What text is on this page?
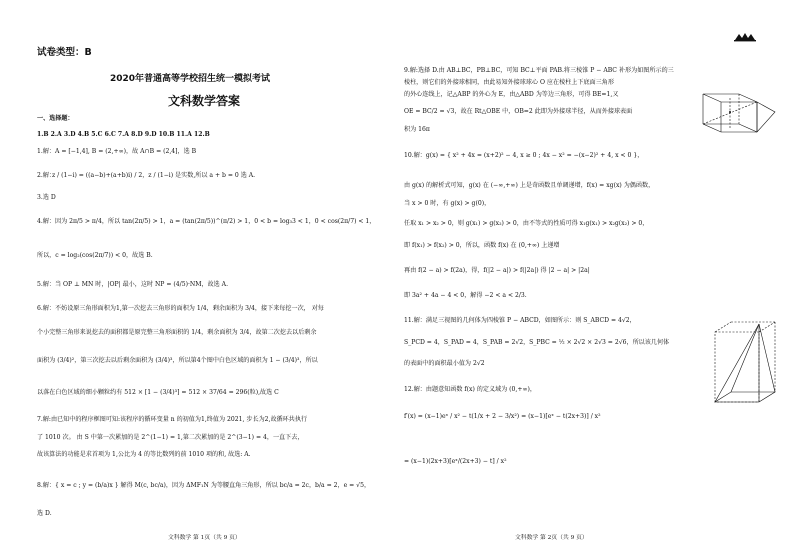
试卷类型：B
2020年普通高等学校招生统一模拟考试
文科数学答案
一、选择题：
1.B 2.A 3.D 4.B 5.C 6.C 7.A 8.D 9.D 10.B 11.A 12.B
1.解：A = [−1,4], B = (2,+∞)，故 A∩B = (2,4]，选 B
2.解：
z / (1−i) = ((a−b)+(a+b)i) / 2，z / (1−i) 是实数,所以 a + b = 0 选 A.
3.选 D
4.解：因为 2π/5 > π/4，所以 tan(2π/5) > 1，a = (tan(2π/5))^(π/2) > 1，0 < b = log₃3 < 1，0 < cos(2π/7) < 1，
所以，c = log₂(cos(2π/7)) < 0，故选 B.
5.解：当 OP ⊥ MN 时，|OP| 最小，这时 NP = (4/5)·NM，故选 A.
6.解：不妨设原三角形面积为1,第一次挖去三角形的面积为 1/4，剩余面积为 3/4，接下来每挖一次， 对每
个小完整三角形来说挖去的面积都是原完整三角形面积的 1/4，剩余面积为 3/4，故第二次挖去以后剩余
面积为 (3/4)²，第三次挖去以后剩余面积为 (3/4)³，所以第4个图中白色区域的面积为 1 − (3/4)³，所以
以落在白色区域的细小颗粒约有 512 × [1 − (3/4)³] = 512 × 37/64 = 296(粒),故选 C
7.解:由已知中的程序框图可知:该程序的循环变量 n 的初值为1,终值为 2021, 步长为2,故循环共执行
了 1010 次。 由 S 中第一次累加的是 2^(1−1) = 1,第二次累加的是 2^(3−1) = 4，一直下去，
故该算法的功能是求首项为 1,公比为 4 的等比数列的前 1010 项的和, 故选: A.
8.解：{ x = c ; y = (b/a)x } 解得 M(c, bc/a)，因为 ΔMF₁N 为等腰直角三角形，所以 bc/a = 2c，b/a = 2，e = √5，
选 D.
文科数学 第 1页（共 9 页）
9.解:选择 D.由 AB⊥BC，PB⊥BC，可知 BC⊥平面 PAB.将三棱锥 P − ABC 补形为如图所示的三
棱柱，则它们的外接球相同，由此易知外接球球心 O 应在棱柱上下底面三角形
的外心连线上，记△ABP 的外心为 E，由△ABD 为等边三角形，可得 BE=1,又
OE = BC/2 = √3，故在 Rt△OBE 中，OB=2 此即为外接球半径，从而外接球表面
积为 16π
10.解：g(x) = { x² + 4x = (x+2)² − 4, x ≥ 0 ; 4x − x² = −(x−2)² + 4, x < 0 }，
由 g(x) 的解析式可知，g(x) 在 (−∞,+∞) 上是奇函数且单调递增，f(x) = xg(x) 为偶函数，
当 x > 0 时，有 g(x) > g(0)，
任取 x₁ > x₂ > 0，则 g(x₁) > g(x₂) > 0，由不等式的性质可得 x₁g(x₁) > x₂g(x₂) > 0，
即 f(x₁) > f(x₂) > 0，所以，函数 f(x) 在 (0,+∞) 上递增
再由 f(2 − a) > f(2a)，得，f(|2 − a|) > f(|2a|) 得 |2 − a| > |2a|
即 3a² + 4a − 4 < 0，解得 −2 < a < 2/3.
11.解：满足三视图的几何体为四棱锥 P − ABCD，如图所示：则 S_ABCD = 4√2，
S_PCD = 4，S_PAD = 4，S_PAB = 2√2，S_PBC = ½ × 2√2 × 2√3 = 2√6，所以该几何体
的表面中的面积最小值为 2√2
12.解：由题意知函数 f(x) 的定义域为 (0,+∞)，
f′(x) = (x−1)eˣ / x² − t(1/x + 2 − 3/x²) = (x−1)[eˣ − t(2x+3)] / x²
= (x−1)(2x+3)[eˣ/(2x+3) − t] / x²
文科数学 第 2页（共 9 页）
